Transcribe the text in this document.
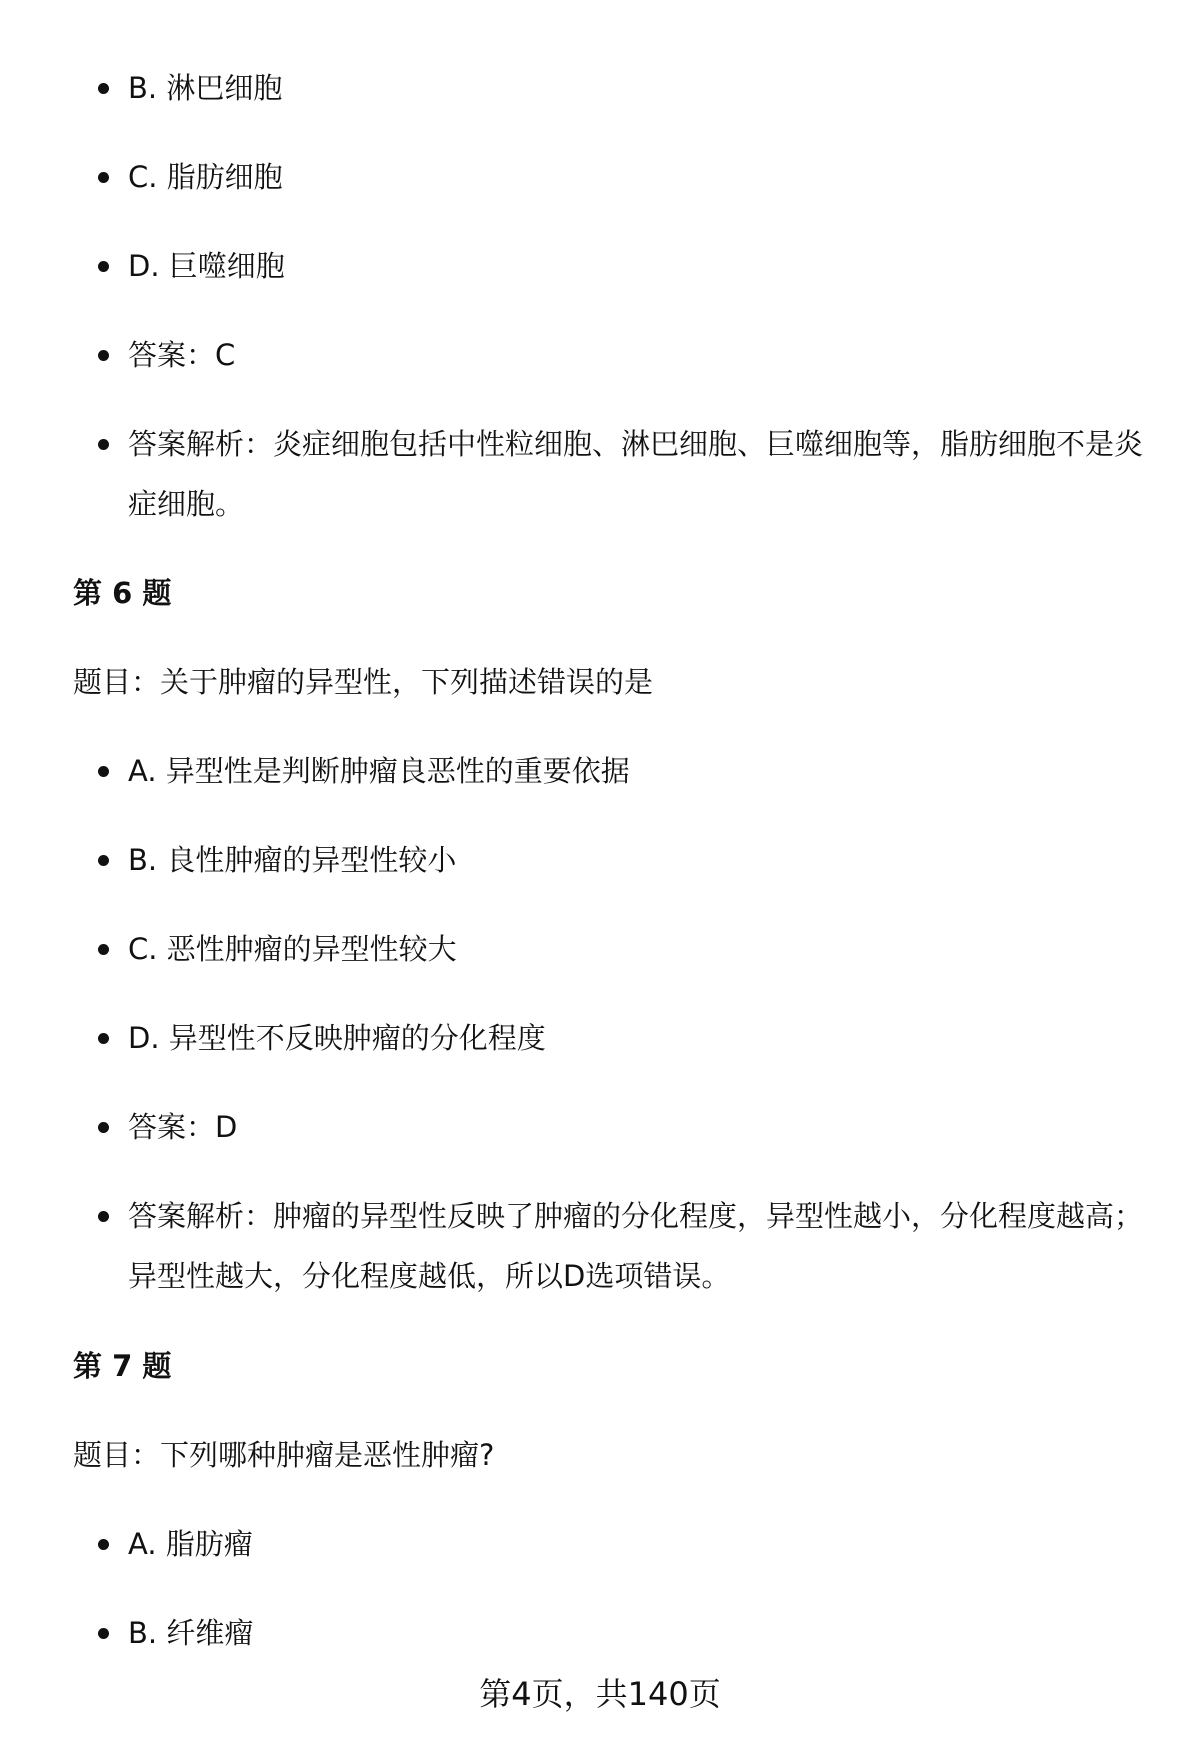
B. 淋巴细胞
C. 脂肪细胞
D. 巨噬细胞
答案：C
答案解析：炎症细胞包括中性粒细胞、淋巴细胞、巨噬细胞等，脂肪细胞不是炎症细胞。
第 6 题
题目：关于肿瘤的异型性，下列描述错误的是
A. 异型性是判断肿瘤良恶性的重要依据
B. 良性肿瘤的异型性较小
C. 恶性肿瘤的异型性较大
D. 异型性不反映肿瘤的分化程度
答案：D
答案解析：肿瘤的异型性反映了肿瘤的分化程度，异型性越小，分化程度越高；异型性越大，分化程度越低，所以D选项错误。
第 7 题
题目：下列哪种肿瘤是恶性肿瘤?
A. 脂肪瘤
B. 纤维瘤
第4页，共140页
